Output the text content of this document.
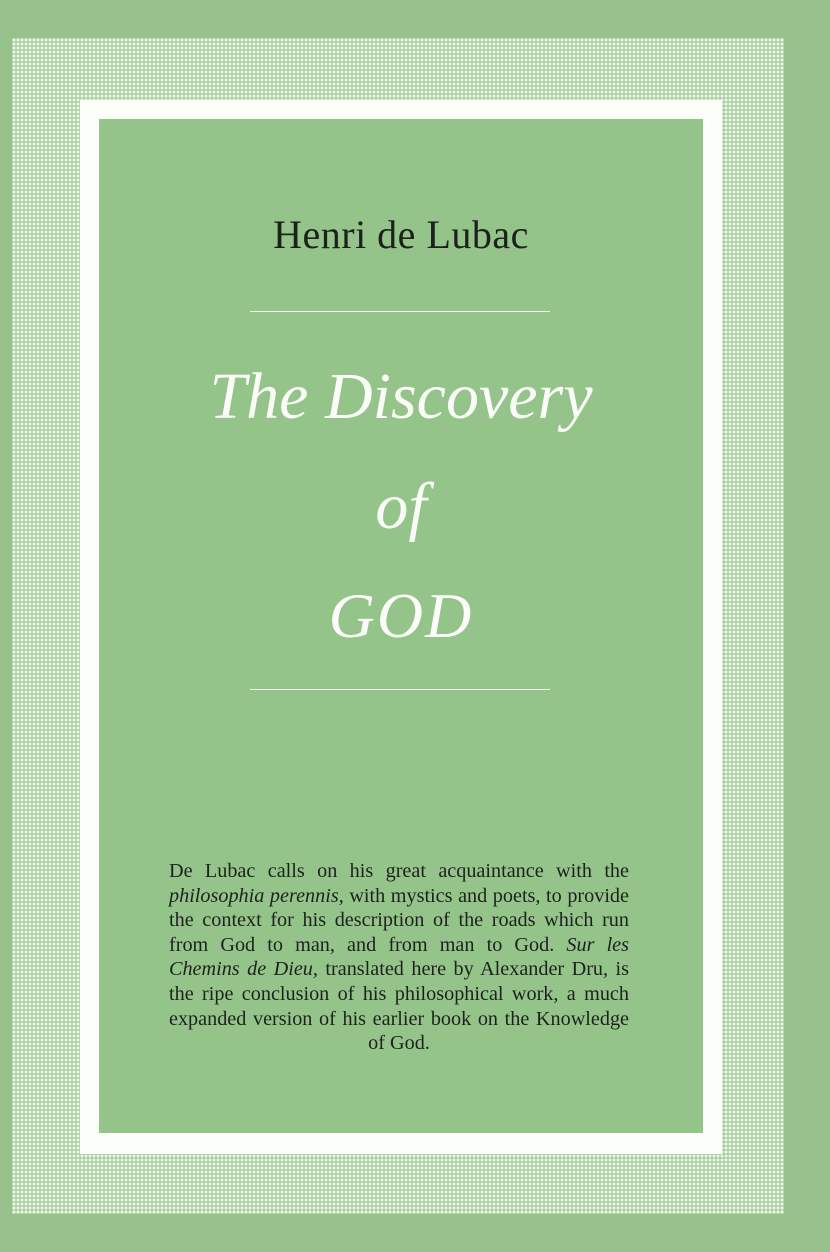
Henri de Lubac
The Discovery
of
GOD
De Lubac calls on his great acquaintance with the philosophia perennis, with mystics and poets, to provide the context for his description of the roads which run from God to man, and from man to God. Sur les Chemins de Dieu, translated here by Alexander Dru, is the ripe conclusion of his philosophical work, a much expanded version of his earlier book on the Knowledge of God.
